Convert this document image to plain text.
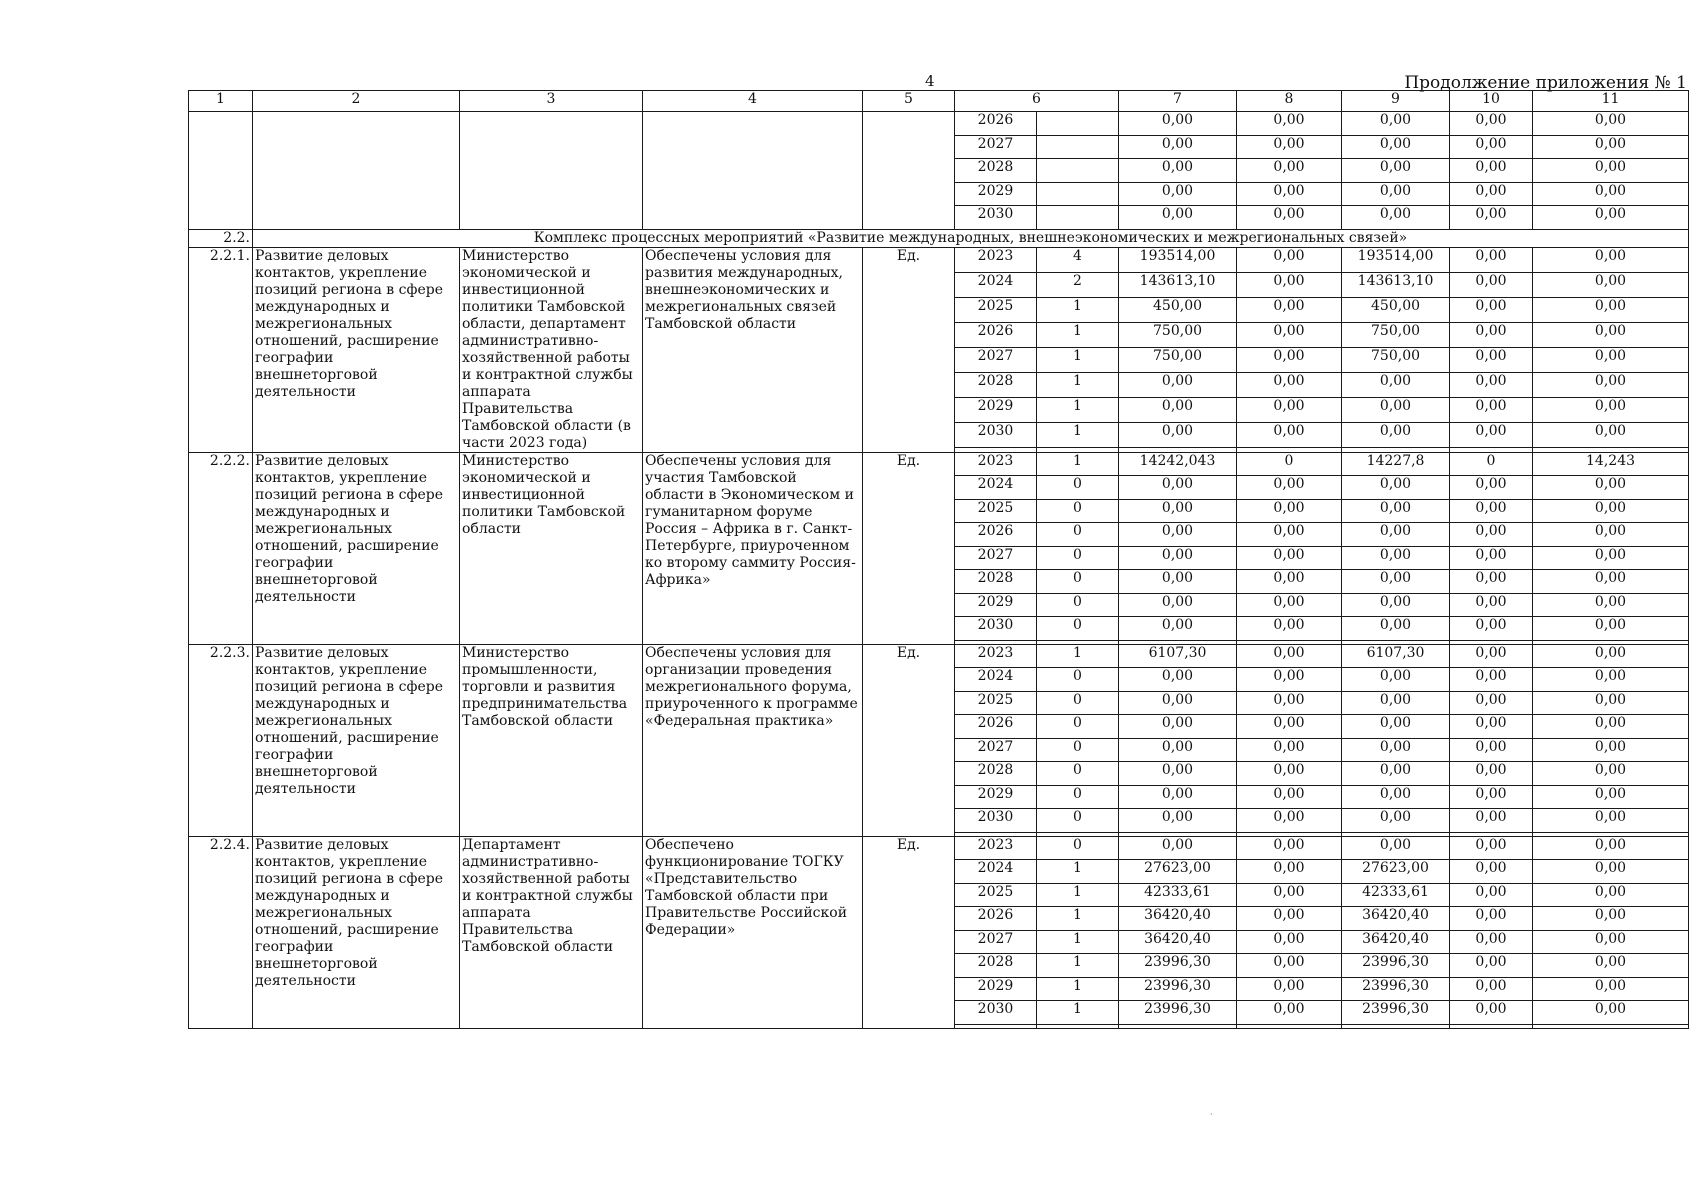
4	Продолжение приложения № 1
1	2	3	4	5	6		7	8	9	10	11
					2026		0,00	0,00	0,00	0,00	0,00
					2027		0,00	0,00	0,00	0,00	0,00
					2028		0,00	0,00	0,00	0,00	0,00
					2029		0,00	0,00	0,00	0,00	0,00
					2030		0,00	0,00	0,00	0,00	0,00
2.2.	Комплекс процессных мероприятий «Развитие международных, внешнеэкономических и межрегиональных связей»										
2.2.1.	Развитие деловых контактов, укрепление позиций региона в сфере международных и межрегиональных отношений, расширение географии внешнеторговой деятельности	Министерство экономической и инвестиционной политики Тамбовской области, департамент административно-хозяйственной работы и контрактной службы аппарата Правительства Тамбовской области (в части 2023 года)	Обеспечены условия для развития международных, внешнеэкономических и межрегиональных связей Тамбовской области	Ед.	2023	4	193514,00	0,00	193514,00	0,00	0,00
					2024	2	143613,10	0,00	143613,10	0,00	0,00
					2025	1	450,00	0,00	450,00	0,00	0,00
					2026	1	750,00	0,00	750,00	0,00	0,00
					2027	1	750,00	0,00	750,00	0,00	0,00
					2028	1	0,00	0,00	0,00	0,00	0,00
					2029	1	0,00	0,00	0,00	0,00	0,00
					2030	1	0,00	0,00	0,00	0,00	0,00

2.2.2.	Развитие деловых контактов, укрепление позиций региона в сфере международных и межрегиональных отношений, расширение географии внешнеторговой деятельности	Министерство экономической и инвестиционной политики Тамбовской области	Обеспечены условия для участия Тамбовской области в Экономическом и гуманитарном форуме Россия – Африка в г. Санкт-Петербурге, приуроченном ко второму саммиту Россия-Африка»	Ед.	2023	1	14242,043	0	14227,8	0	14,243
					2024	0	0,00	0,00	0,00	0,00	0,00
					2025	0	0,00	0,00	0,00	0,00	0,00
					2026	0	0,00	0,00	0,00	0,00	0,00
					2027	0	0,00	0,00	0,00	0,00	0,00
					2028	0	0,00	0,00	0,00	0,00	0,00
					2029	0	0,00	0,00	0,00	0,00	0,00
					2030	0	0,00	0,00	0,00	0,00	0,00

2.2.3.	Развитие деловых контактов, укрепление позиций региона в сфере международных и межрегиональных отношений, расширение географии внешнеторговой деятельности	Министерство промышленности, торговли и развития предпринимательства Тамбовской области	Обеспечены условия для организации проведения межрегионального форума, приуроченного к программе «Федеральная практика»	Ед.	2023	1	6107,30	0,00	6107,30	0,00	0,00
					2024	0	0,00	0,00	0,00	0,00	0,00
					2025	0	0,00	0,00	0,00	0,00	0,00
					2026	0	0,00	0,00	0,00	0,00	0,00
					2027	0	0,00	0,00	0,00	0,00	0,00
					2028	0	0,00	0,00	0,00	0,00	0,00
					2029	0	0,00	0,00	0,00	0,00	0,00
					2030	0	0,00	0,00	0,00	0,00	0,00

2.2.4.	Развитие деловых контактов, укрепление позиций региона в сфере международных и межрегиональных отношений, расширение географии внешнеторговой деятельности	Департамент административно-хозяйственной работы и контрактной службы аппарата Правительства Тамбовской области	Обеспечено функционирование ТОГКУ «Представительство Тамбовской области при Правительстве Российской Федерации»	Ед.	2023	0	0,00	0,00	0,00	0,00	0,00
					2024	1	27623,00	0,00	27623,00	0,00	0,00
					2025	1	42333,61	0,00	42333,61	0,00	0,00
					2026	1	36420,40	0,00	36420,40	0,00	0,00
					2027	1	36420,40	0,00	36420,40	0,00	0,00
					2028	1	23996,30	0,00	23996,30	0,00	0,00
					2029	1	23996,30	0,00	23996,30	0,00	0,00
					2030	1	23996,30	0,00	23996,30	0,00	0,00

·
